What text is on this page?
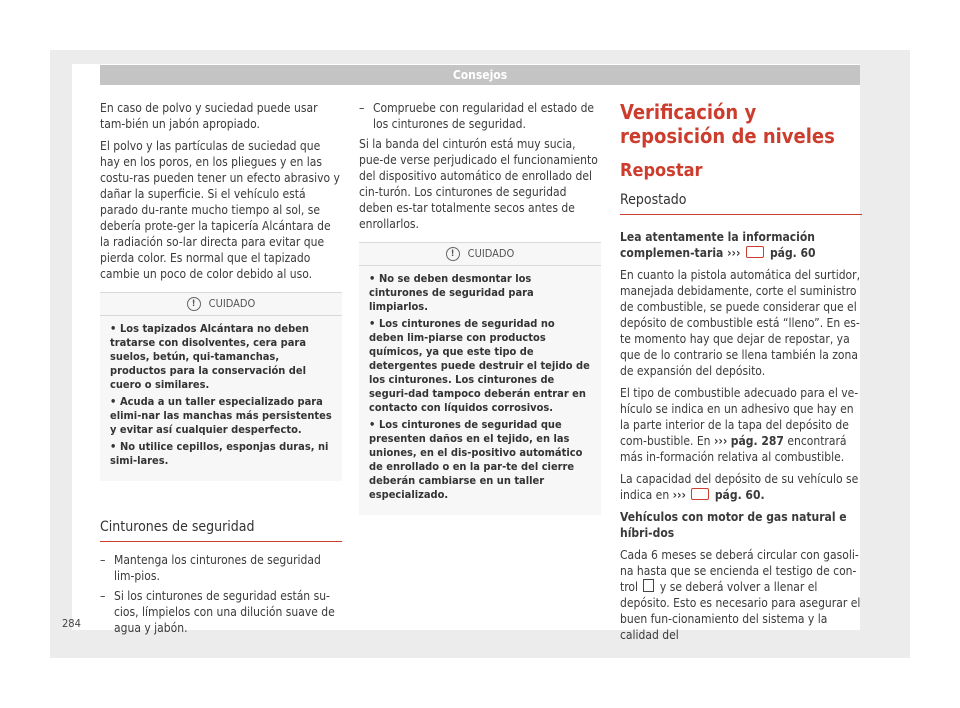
Consejos

En caso de polvo y suciedad puede usar tam-bién un jabón apropiado.

El polvo y las partículas de suciedad que hay en los poros, en los pliegues y en las costu-ras pueden tener un efecto abrasivo y dañar la superficie. Si el vehículo está parado du-rante mucho tiempo al sol, se debería prote-ger la tapicería Alcántara de la radiación so-lar directa para evitar que pierda color. Es normal que el tapizado cambie un poco de color debido al uso.

!	CUIDADO
• Los tapizados Alcántara no deben tratarse con disolventes, cera para suelos, betún, qui-tamanchas, productos para la conservación del cuero o similares.
• Acuda a un taller especializado para elimi-nar las manchas más persistentes y evitar así cualquier desperfecto.
• No utilice cepillos, esponjas duras, ni simi-lares.
Cinturones de seguridad
– Mantenga los cinturones de seguridad lim-pios.
– Si los cinturones de seguridad están su-cios, límpielos con una dilución suave de agua y jabón.
– Compruebe con regularidad el estado de los cinturones de seguridad.

Si la banda del cinturón está muy sucia, pue-de verse perjudicado el funcionamiento del dispositivo automático de enrollado del cin-turón. Los cinturones de seguridad deben es-tar totalmente secos antes de enrollarlos.

!	CUIDADO
• No se deben desmontar los cinturones de seguridad para limpiarlos.
• Los cinturones de seguridad no deben lim-piarse con productos químicos, ya que este tipo de detergentes puede destruir el tejido de los cinturones. Los cinturones de seguri-dad tampoco deberán entrar en contacto con líquidos corrosivos.
• Los cinturones de seguridad que presenten daños en el tejido, en las uniones, en el dis-positivo automático de enrollado o en la par-te del cierre deberán cambiarse en un taller especializado.
Verificación y reposición de niveles
Repostar
Repostado

Lea atentamente la información complemen-taria ›››  pág. 60

En cuanto la pistola automática del surtidor, manejada debidamente, corte el suministro de combustible, se puede considerar que el depósito de combustible está “lleno”. En es-te momento hay que dejar de repostar, ya que de lo contrario se llena también la zona de expansión del depósito.

El tipo de combustible adecuado para el ve-hículo se indica en un adhesivo que hay en la parte interior de la tapa del depósito de com-bustible. En ››› pág. 287 encontrará más in-formación relativa al combustible.

La capacidad del depósito de su vehículo se indica en ››› pág. 60.

Vehículos con motor de gas natural e híbri-dos

Cada 6 meses se deberá circular con gasoli-na hasta que se encienda el testigo de con-trol y se deberá volver a llenar el depósito. Esto es necesario para asegurar el buen fun-cionamiento del sistema y la calidad del

284
